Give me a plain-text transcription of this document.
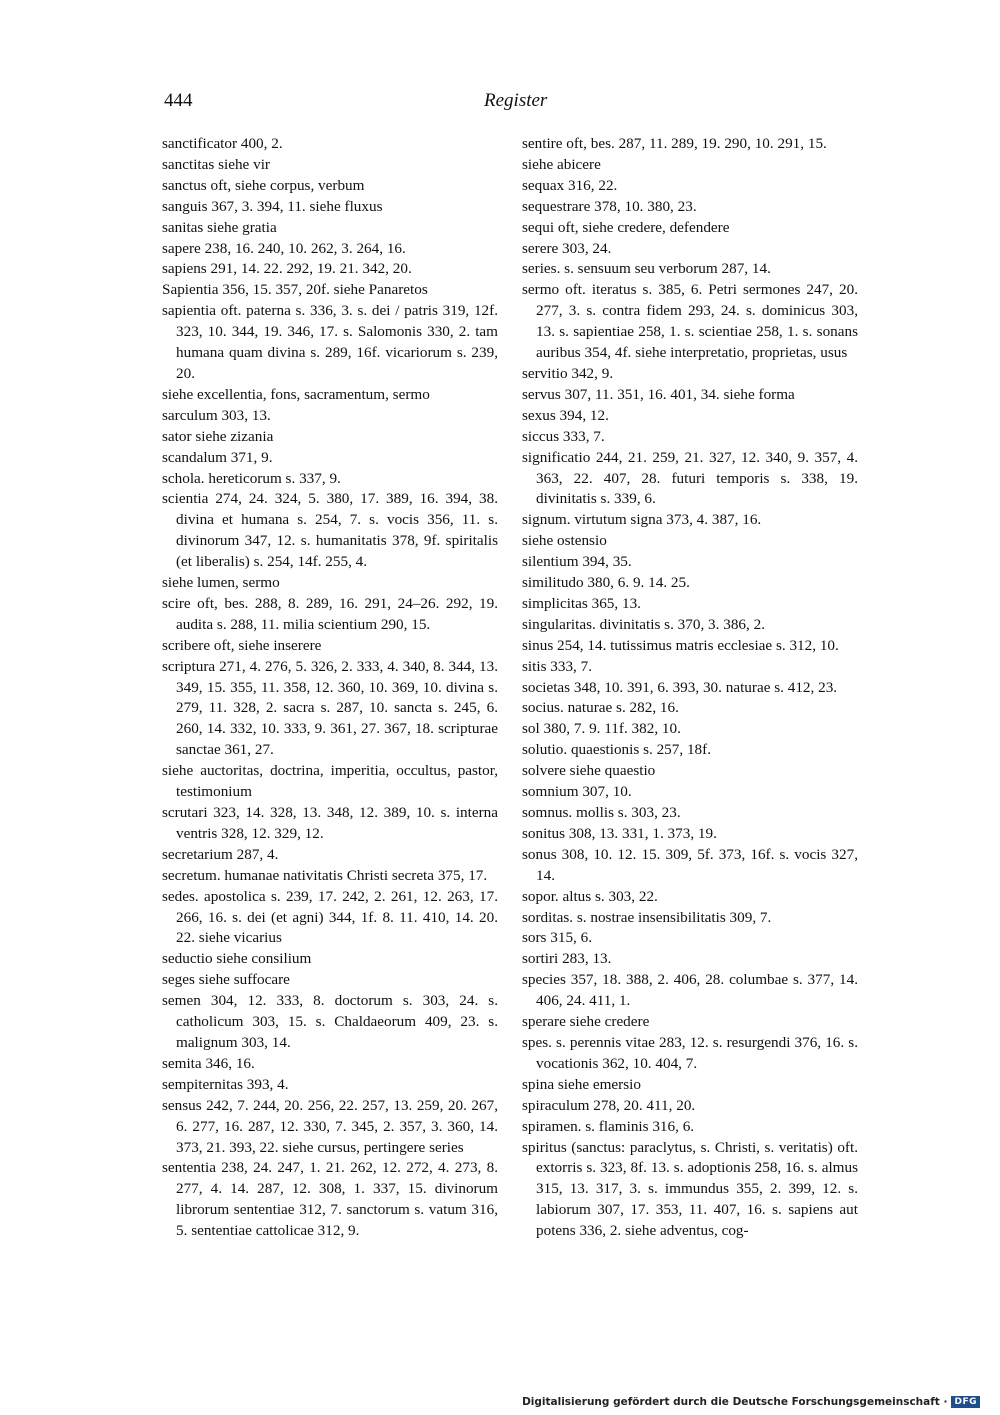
444	Register

sanctificator 400, 2.

sanctitas siehe vir

sanctus oft, siehe corpus, verbum

sanguis 367, 3. 394, 11. siehe fluxus

sanitas siehe gratia

sapere 238, 16. 240, 10. 262, 3. 264, 16.

sapiens 291, 14. 22. 292, 19. 21. 342, 20.

Sapientia 356, 15. 357, 20f. siehe Panaretos

sapientia oft. paterna s. 336, 3. s. dei / patris 319, 12f. 323, 10. 344, 19. 346, 17. s. Salomonis 330, 2. tam humana quam divina s. 289, 16f. vicariorum s. 239, 20.

siehe excellentia, fons, sacramentum, sermo

sarculum 303, 13.

sator siehe zizania

scandalum 371, 9.

schola. hereticorum s. 337, 9.

scientia 274, 24. 324, 5. 380, 17. 389, 16. 394, 38. divina et humana s. 254, 7. s. vocis 356, 11. s. divinorum 347, 12. s. humanitatis 378, 9f. spiritalis (et liberalis) s. 254, 14f. 255, 4.

siehe lumen, sermo

scire oft, bes. 288, 8. 289, 16. 291, 24–26. 292, 19. audita s. 288, 11. milia scientium 290, 15.

scribere oft, siehe inserere

scriptura 271, 4. 276, 5. 326, 2. 333, 4. 340, 8. 344, 13. 349, 15. 355, 11. 358, 12. 360, 10. 369, 10. divina s. 279, 11. 328, 2. sacra s. 287, 10. sancta s. 245, 6. 260, 14. 332, 10. 333, 9. 361, 27. 367, 18. scripturae sanctae 361, 27.

siehe auctoritas, doctrina, imperitia, occultus, pastor, testimonium

scrutari 323, 14. 328, 13. 348, 12. 389, 10. s. interna ventris 328, 12. 329, 12.

secretarium 287, 4.

secretum. humanae nativitatis Christi secreta 375, 17.

sedes. apostolica s. 239, 17. 242, 2. 261, 12. 263, 17. 266, 16. s. dei (et agni) 344, 1f. 8. 11. 410, 14. 20. 22. siehe vicarius

seductio siehe consilium

seges siehe suffocare

semen 304, 12. 333, 8. doctorum s. 303, 24. s. catholicum 303, 15. s. Chaldaeorum 409, 23. s. malignum 303, 14.

semita 346, 16.

sempiternitas 393, 4.

sensus 242, 7. 244, 20. 256, 22. 257, 13. 259, 20. 267, 6. 277, 16. 287, 12. 330, 7. 345, 2. 357, 3. 360, 14. 373, 21. 393, 22. siehe cursus, pertingere series

sententia 238, 24. 247, 1. 21. 262, 12. 272, 4. 273, 8. 277, 4. 14. 287, 12. 308, 1. 337, 15. divinorum librorum sententiae 312, 7. sanctorum s. vatum 316, 5. sententiae cattolicae 312, 9.

sentire oft, bes. 287, 11. 289, 19. 290, 10. 291, 15.

siehe abicere

sequax 316, 22.

sequestrare 378, 10. 380, 23.

sequi oft, siehe credere, defendere

serere 303, 24.

series. s. sensuum seu verborum 287, 14.

sermo oft. iteratus s. 385, 6. Petri sermones 247, 20. 277, 3. s. contra fidem 293, 24. s. dominicus 303, 13. s. sapientiae 258, 1. s. scientiae 258, 1. s. sonans auribus 354, 4f. siehe interpretatio, proprietas, usus

servitio 342, 9.

servus 307, 11. 351, 16. 401, 34. siehe forma

sexus 394, 12.

siccus 333, 7.

significatio 244, 21. 259, 21. 327, 12. 340, 9. 357, 4. 363, 22. 407, 28. futuri temporis s. 338, 19. divinitatis s. 339, 6.

signum. virtutum signa 373, 4. 387, 16.

siehe ostensio

silentium 394, 35.

similitudo 380, 6. 9. 14. 25.

simplicitas 365, 13.

singularitas. divinitatis s. 370, 3. 386, 2.

sinus 254, 14. tutissimus matris ecclesiae s. 312, 10.

sitis 333, 7.

societas 348, 10. 391, 6. 393, 30. naturae s. 412, 23.

socius. naturae s. 282, 16.

sol 380, 7. 9. 11f. 382, 10.

solutio. quaestionis s. 257, 18f.

solvere siehe quaestio

somnium 307, 10.

somnus. mollis s. 303, 23.

sonitus 308, 13. 331, 1. 373, 19.

sonus 308, 10. 12. 15. 309, 5f. 373, 16f. s. vocis 327, 14.

sopor. altus s. 303, 22.

sorditas. s. nostrae insensibilitatis 309, 7.

sors 315, 6.

sortiri 283, 13.

species 357, 18. 388, 2. 406, 28. columbae s. 377, 14. 406, 24. 411, 1.

sperare siehe credere

spes. s. perennis vitae 283, 12. s. resurgendi 376, 16. s. vocationis 362, 10. 404, 7.

spina siehe emersio

spiraculum 278, 20. 411, 20.

spiramen. s. flaminis 316, 6.

spiritus (sanctus: paraclytus, s. Christi, s. veritatis) oft. extorris s. 323, 8f. 13. s. adoptionis 258, 16. s. almus 315, 13. 317, 3. s. immundus 355, 2. 399, 12. s. labiorum 307, 17. 353, 11. 407, 16. s. sapiens aut potens 336, 2. siehe adventus, cog-

Digitalisierung gefördert durch die Deutsche Forschungsgemeinschaft · DFG
